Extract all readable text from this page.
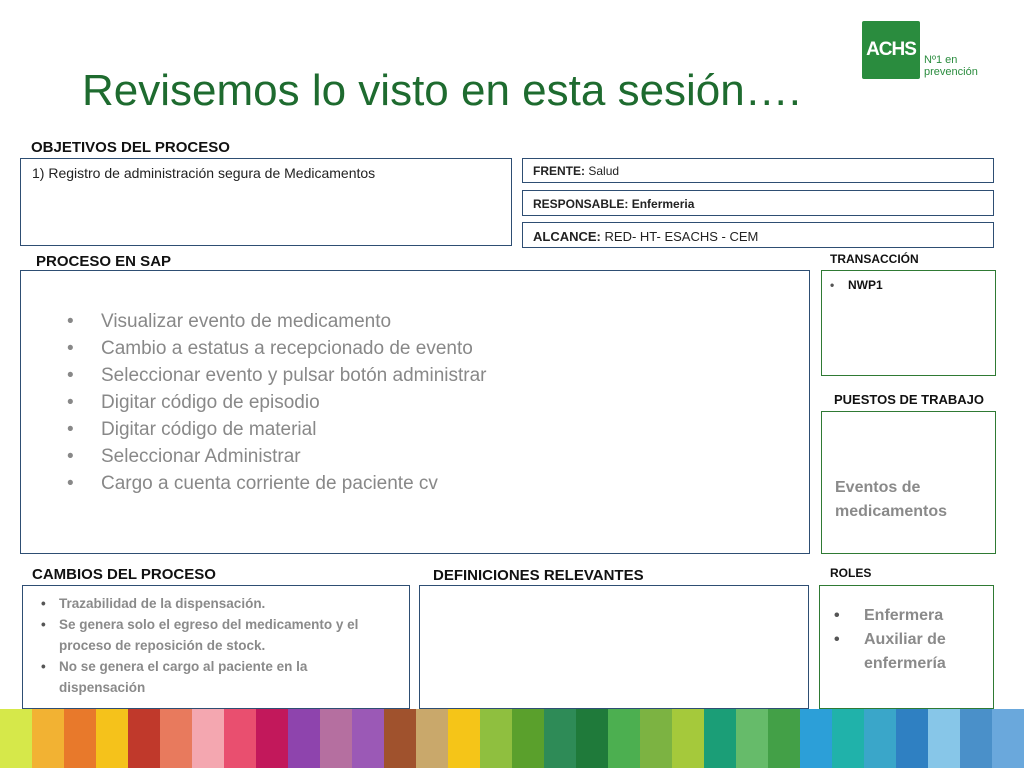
Revisemos lo visto en esta sesión….
ACHS Nº1 en
prevención
OBJETIVOS DEL PROCESO
1) Registro de administración segura de Medicamentos	FRENTE: Salud
RESPONSABLE: Enfermeria
ALCANCE: RED- HT- ESACHS - CEM
PROCESO EN SAP
• Visualizar evento de medicamento
• Cambio a estatus a recepcionado de evento
• Seleccionar evento y pulsar botón administrar
• Digitar código de episodio
• Digitar código de material
• Seleccionar Administrar
• Cargo a cuenta corriente de paciente cv
TRANSACCIÓN
• NWP1
PUESTOS DE TRABAJO
Eventos de
medicamentos
CAMBIOS DEL PROCESO
• Trazabilidad de la dispensación.
• Se genera solo el egreso del medicamento y el proceso de reposición de stock.
• No se genera el cargo al paciente en la dispensación
DEFINICIONES RELEVANTES	ROLES
• Enfermera
• Auxiliar de enfermería
